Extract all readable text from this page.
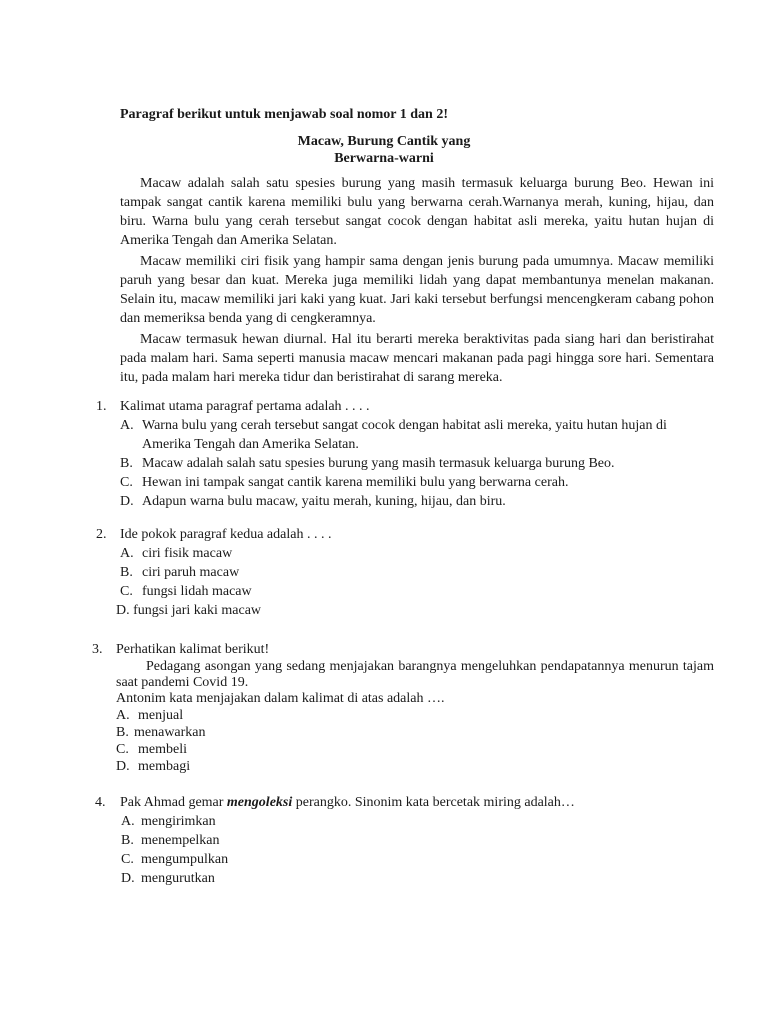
Paragraf berikut untuk menjawab soal nomor 1 dan 2!
Macaw, Burung Cantik yang
Berwarna-warni

Macaw adalah salah satu spesies burung yang masih termasuk keluarga burung Beo. Hewan ini tampak sangat cantik karena memiliki bulu yang berwarna cerah.Warnanya merah, kuning, hijau, dan biru. Warna bulu yang cerah tersebut sangat cocok dengan habitat asli mereka, yaitu hutan hujan di Amerika Tengah dan Amerika Selatan.

Macaw memiliki ciri fisik yang hampir sama dengan jenis burung pada umumnya. Macaw memiliki paruh yang besar dan kuat. Mereka juga memiliki lidah yang dapat membantunya menelan makanan. Selain itu, macaw memiliki jari kaki yang kuat. Jari kaki tersebut berfungsi mencengkeram cabang pohon dan memeriksa benda yang di cengkeramnya.

Macaw termasuk hewan diurnal. Hal itu berarti mereka beraktivitas pada siang hari dan beristirahat pada malam hari. Sama seperti manusia macaw mencari makanan pada pagi hingga sore hari. Sementara itu, pada malam hari mereka tidur dan beristirahat di sarang mereka.

1. Kalimat utama paragraf pertama adalah . . . .
A. Warna bulu yang cerah tersebut sangat cocok dengan habitat asli mereka, yaitu hutan hujan di Amerika Tengah dan Amerika Selatan.
B. Macaw adalah salah satu spesies burung yang masih termasuk keluarga burung Beo.
C. Hewan ini tampak sangat cantik karena memiliki bulu yang berwarna cerah.
D. Adapun warna bulu macaw, yaitu merah, kuning, hijau, dan biru.
2. Ide pokok paragraf kedua adalah . . . .
A. ciri fisik macaw
B. ciri paruh macaw
C. fungsi lidah macaw
D. fungsi jari kaki macaw
3. Perhatikan kalimat berikut!

Pedagang asongan yang sedang menjajakan barangnya mengeluhkan pendapatannya menurun tajam saat pandemi Covid 19.

Antonim kata menjajakan dalam kalimat di atas adalah ….
A. menjual
B. menawarkan
C. membeli
D. membagi
4. Pak Ahmad gemar mengoleksi perangko. Sinonim kata bercetak miring adalah…
A. mengirimkan
B. menempelkan
C. mengumpulkan
D. mengurutkan
